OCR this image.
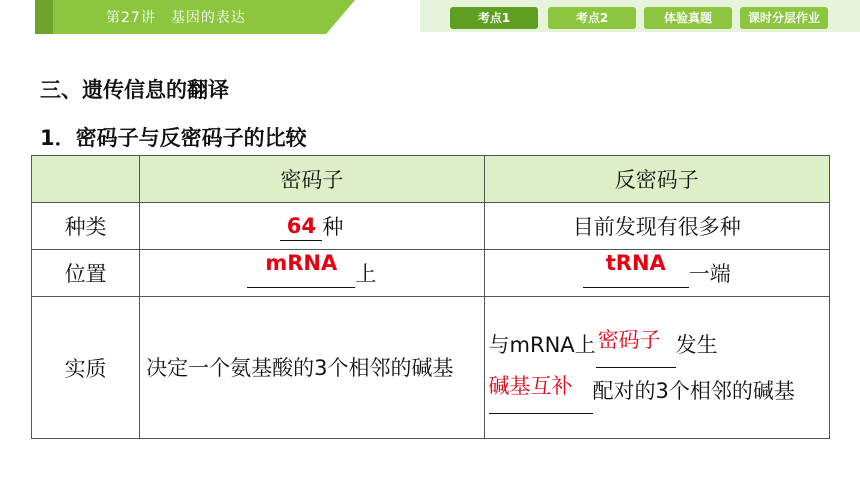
第27讲　基因的表达	考点1	考点2	体验真题	课时分层作业
三、遗传信息的翻译
1．密码子与反密码子的比较
	密码子	反密码子
种类	64 种	目前发现有很多种
位置	mRNA 上	tRNA 一端
实质	决定一个氨基酸的3个相邻的碱基	与mRNA上 密码子 发生

碱基互补 配对的3个相邻的碱基
